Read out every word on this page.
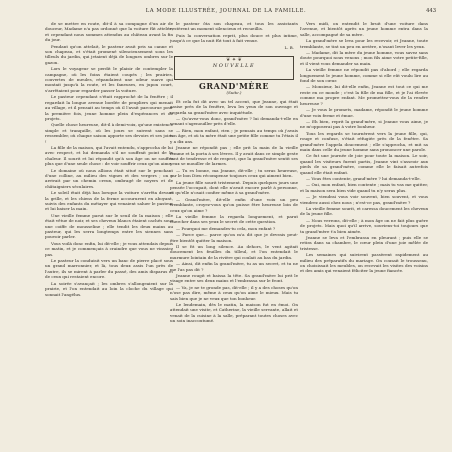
LA MODE ILLUSTRÉE, JOURNAL DE LA FAMILLE.	443

de se mettre en route, dit-il à sa compagne d'un air de douceur, Madame n'a pas ordonné que la voiture fût attelée, et cependant nous sommes attendus au château avant la fin du jour.

Pendant qu'on attelait, le pasteur avait pris sa canne et son chapeau, et s'était promené silencieusement sous les tilleuls du jardin, qui jetaient déjà de longues ombres sur le gazon.

Lors le voyageur se perdit le plaisir de contempler la campagne, où les foins étaient coupés ; les prairies, couvertes de meules, répandaient une odeur suave qui montait jusqu'à la route, et les faneuses, en jupon court, s'arrêtaient pour regarder passer la voiture.

Le pasteur cependant s'était rapproché de la fenêtre ; il regardait la longue avenue bordée de peupliers qui menait au village, et il pensait au temps où il l'avait parcourue pour la première fois, jeune homme plein d'espérances et de projets.

Quelle chose heureuse, dit-il à demi-voix, qu'une existence simple et tranquille, où les jours se suivent sans se ressembler, où chaque saison apporte ses devoirs et ses joies !

La fille de la maison, qui l'avait entendu, s'approcha de lui avec respect, et lui demanda s'il ne souffrait point de la chaleur. Il sourit et lui répondit qu'à son âge on ne souffre plus que d'une seule chose : de voir souffrir ceux qu'on aime.

Le domaine où nous allions était situé sur le penchant d'une colline, au milieu des vignes et des vergers ; on y arrivait par un chemin creux, ombragé de noyers et de châtaigniers séculaires.

Le soleil était déjà bas lorsque la voiture s'arrêta devant la grille, et les chiens de la ferme accoururent en aboyant, suivis des enfants du métayer qui venaient saluer le pasteur et lui baiser la main.

Une vieille femme parut sur le seuil de la maison ; elle était vêtue de noir, et ses cheveux blancs étaient cachés sous une coiffe de mousseline ; elle tendit les deux mains au pasteur, qui les serra longtemps entre les siennes sans pouvoir parler.

Vous voilà donc enfin, lui dit-elle ; je vous attendais depuis ce matin, et je commençais à craindre que vous ne vinssiez pas.

Le pasteur la conduisit vers un banc de pierre placé sous un grand marronnier, et là, tous deux assis l'un près de l'autre, ils se mirent à parler du passé, des amis disparus et de ceux qui restaient encore.

La soirée s'avançait ; les ombres s'allongeaient sur la prairie, et l'on entendait au loin la cloche du village qui sonnait l'angélus.

le pasteur ôta son chapeau, et tous les assistants restèrent un moment silencieux et recueillis.

Puis la conversation reprit, plus douce et plus intime, jusqu'à ce que la nuit fût tout à fait venue.

L. B.
❦ ✦ ❦
NOUVELLE
GRAND'MÈRE
(Suite.)

Et cela fut dit avec un tel accent, que Jeanne, qui était assise près de la fenêtre, leva les yeux de son ouvrage et regarda sa grand'mère avec inquiétude.

— Qu'avez-vous donc, grand'mère ? lui demanda-t-elle en venant s'agenouiller près d'elle.

— Rien, mon enfant, rien ; je pensais au temps où j'avais ton âge, et où ta mère était une petite fille comme tu l'étais il y a dix ans.

Jeanne ne répondit pas ; elle prit la main de la vieille femme et la porta à ses lèvres. Il y avait dans ce simple geste tant de tendresse et de respect, que la grand'mère sentit ses yeux se mouiller de larmes.

— Tu es bonne, ma Jeanne, dit-elle ; tu seras heureuse, car le bon Dieu récompense toujours ceux qui aiment bien.

La jeune fille sourit tristement. Depuis quelques jours une pensée l'occupait, dont elle n'avait encore parlé à personne, et qu'elle n'osait confier même à sa grand'mère.

— Grand'mère, dit-elle enfin d'une voix un peu tremblante, croyez-vous qu'on puisse être heureuse loin de ceux qu'on aime ?

La vieille femme la regarda longuement, et parut chercher dans ses yeux le secret de cette question.

— Pourquoi me demandes-tu cela, mon enfant ?

— Parce que... parce qu'on m'a dit que je devrais peut-être bientôt quitter la maison.

Il se fit un long silence. Au dehors, le vent agitait doucement les feuilles du tilleul, et l'on entendait le murmure lointain de la rivière qui coulait au bas du jardin.

— Ainsi, dit enfin la grand'mère, tu as un secret, et tu ne me l'as pas dit ?

Jeanne rougit et baissa la tête. Sa grand'mère lui prit le visage entre ses deux mains et l'embrassa sur le front.

— Va, je ne te gronde pas, dit-elle ; il y a des choses qu'on n'ose pas dire, même à ceux qu'on aime le mieux. Mais tu sais bien que je ne veux que ton bonheur.

Le lendemain, dès le matin, la maison fut en émoi. On attendait une visite, et Catherine, la vieille servante, allait et venait de la cuisine à la salle, préparant toutes choses avec un soin inaccoutumé.

Vers midi, on entendit le bruit d'une voiture dans l'avenue, et bientôt après un jeune homme entra dans la salle, accompagné de sa mère.

La grand'mère se leva pour les recevoir, et Jeanne, toute tremblante, se tint un peu en arrière, n'osant lever les yeux.

— Madame, dit la mère du jeune homme, vous savez sans doute pourquoi nous venons ; mon fils aime votre petite-fille, et il vient vous demander sa main.

La vieille femme ne répondit pas d'abord ; elle regarda longuement le jeune homme, comme si elle eût voulu lire au fond de son cœur.

— Monsieur, lui dit-elle enfin, Jeanne est tout ce qui me reste en ce monde ; c'est la fille de ma fille, et je l'ai élevée comme ma propre enfant. Me promettez-vous de la rendre heureuse ?

— Je vous le promets, madame, répondit le jeune homme d'une voix ferme et émue.

— Eh bien, reprit la grand'mère, si Jeanne vous aime, je ne m'opposerai pas à votre bonheur.

Tous les regards se tournèrent vers la jeune fille, qui, rouge et confuse, s'était réfugiée près de la fenêtre. Sa grand'mère l'appela doucement ; elle s'approcha, et mit sa main dans celle du jeune homme sans prononcer une parole.

Ce fut une journée de joie pour toute la maison. Le soir, quand les visiteurs furent partis, Jeanne vint s'asseoir aux pieds de sa grand'mère, comme elle le faisait autrefois quand elle était enfant.

— Vous êtes contente, grand'mère ? lui demanda-t-elle.

— Oui, mon enfant, bien contente ; mais tu vas me quitter, et la maison sera bien vide quand tu n'y seras plus.

— Je viendrai vous voir souvent, bien souvent, et vous viendrez aussi chez nous ; n'est-ce pas, grand'mère ?

La vieille femme sourit, et caressa doucement les cheveux de la jeune fille.

— Nous verrons, dit-elle ; à mon âge on ne fait plus guère de projets. Mais quoi qu'il arrive, souviens-toi toujours que ta grand'mère t'a bien aimée.

Jeanne se leva et l'embrassa en pleurant ; puis elle se retira dans sa chambre, le cœur plein d'une joie mêlée de tristesse.

Les semaines qui suivirent passèrent rapidement au milieu des préparatifs du mariage. On cousait le trousseau, on choisissait les meubles, on recevait les visites des voisins et des amis qui venaient féliciter la jeune fiancée.
